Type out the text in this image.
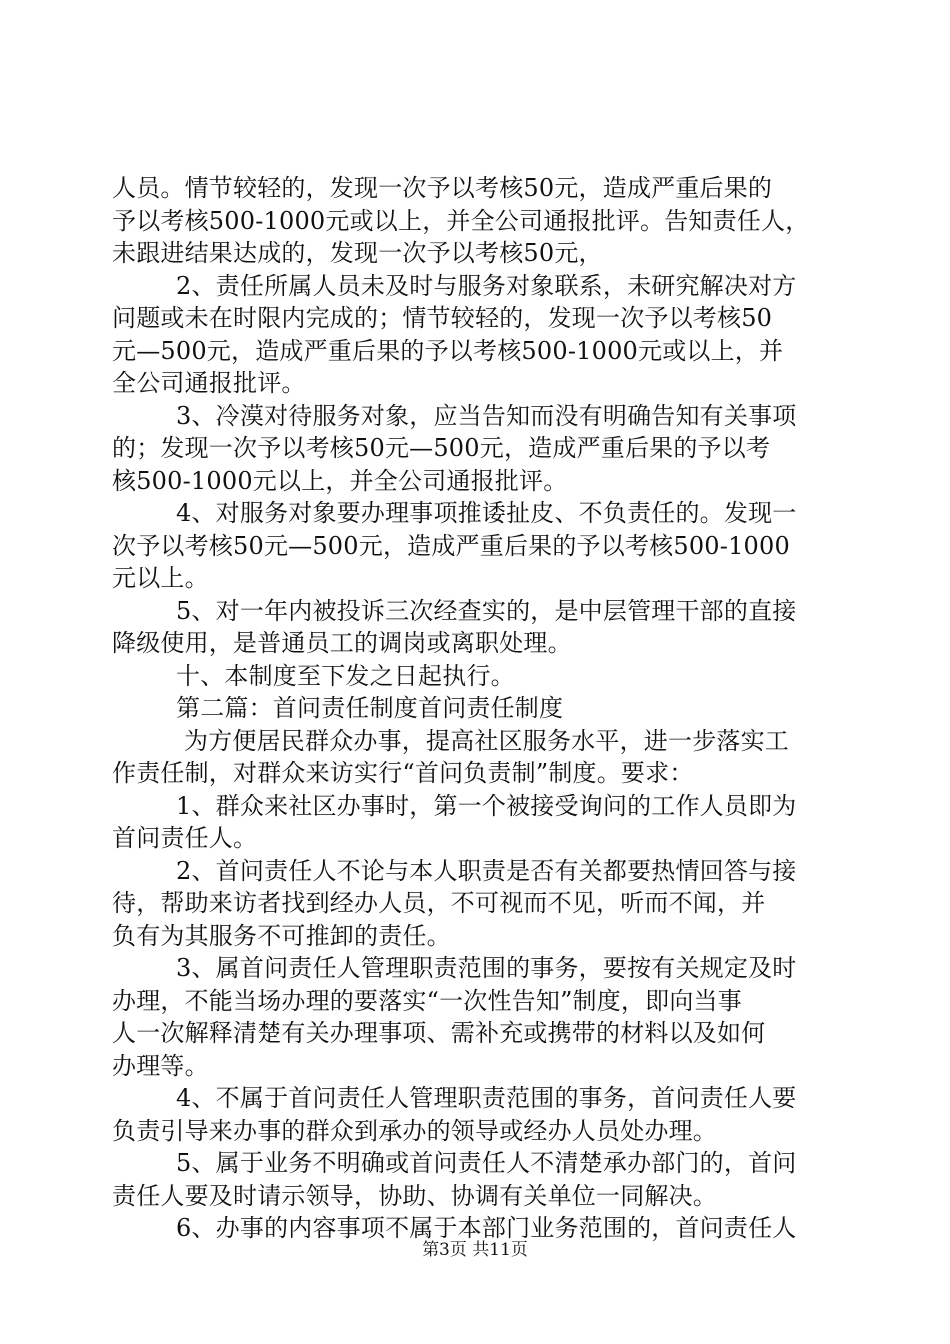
人员。情节较轻的，发现一次予以考核50元，造成严重后果的
予以考核500-1000元或以上，并全公司通报批评。告知责任人，
未跟进结果达成的，发现一次予以考核50元，
2、责任所属人员未及时与服务对象联系，未研究解决对方
问题或未在时限内完成的；情节较轻的，发现一次予以考核50
元—500元，造成严重后果的予以考核500-1000元或以上，并
全公司通报批评。
3、冷漠对待服务对象，应当告知而没有明确告知有关事项
的；发现一次予以考核50元—500元，造成严重后果的予以考
核500-1000元以上，并全公司通报批评。
4、对服务对象要办理事项推诿扯皮、不负责任的。发现一
次予以考核50元—500元，造成严重后果的予以考核500-1000
元以上。
5、对一年内被投诉三次经查实的，是中层管理干部的直接
降级使用，是普通员工的调岗或离职处理。
十、本制度至下发之日起执行。
第二篇：首问责任制度首问责任制度
为方便居民群众办事，提高社区服务水平，进一步落实工
作责任制，对群众来访实行“首问负责制”制度。要求：
1、群众来社区办事时，第一个被接受询问的工作人员即为
首问责任人。
2、首问责任人不论与本人职责是否有关都要热情回答与接
待，帮助来访者找到经办人员，不可视而不见，听而不闻，并
负有为其服务不可推卸的责任。
3、属首问责任人管理职责范围的事务，要按有关规定及时
办理，不能当场办理的要落实“一次性告知”制度，即向当事
人一次解释清楚有关办理事项、需补充或携带的材料以及如何
办理等。
4、不属于首问责任人管理职责范围的事务，首问责任人要
负责引导来办事的群众到承办的领导或经办人员处办理。
5、属于业务不明确或首问责任人不清楚承办部门的，首问
责任人要及时请示领导，协助、协调有关单位一同解决。
6、办事的内容事项不属于本部门业务范围的，首问责任人
第3页 共11页
